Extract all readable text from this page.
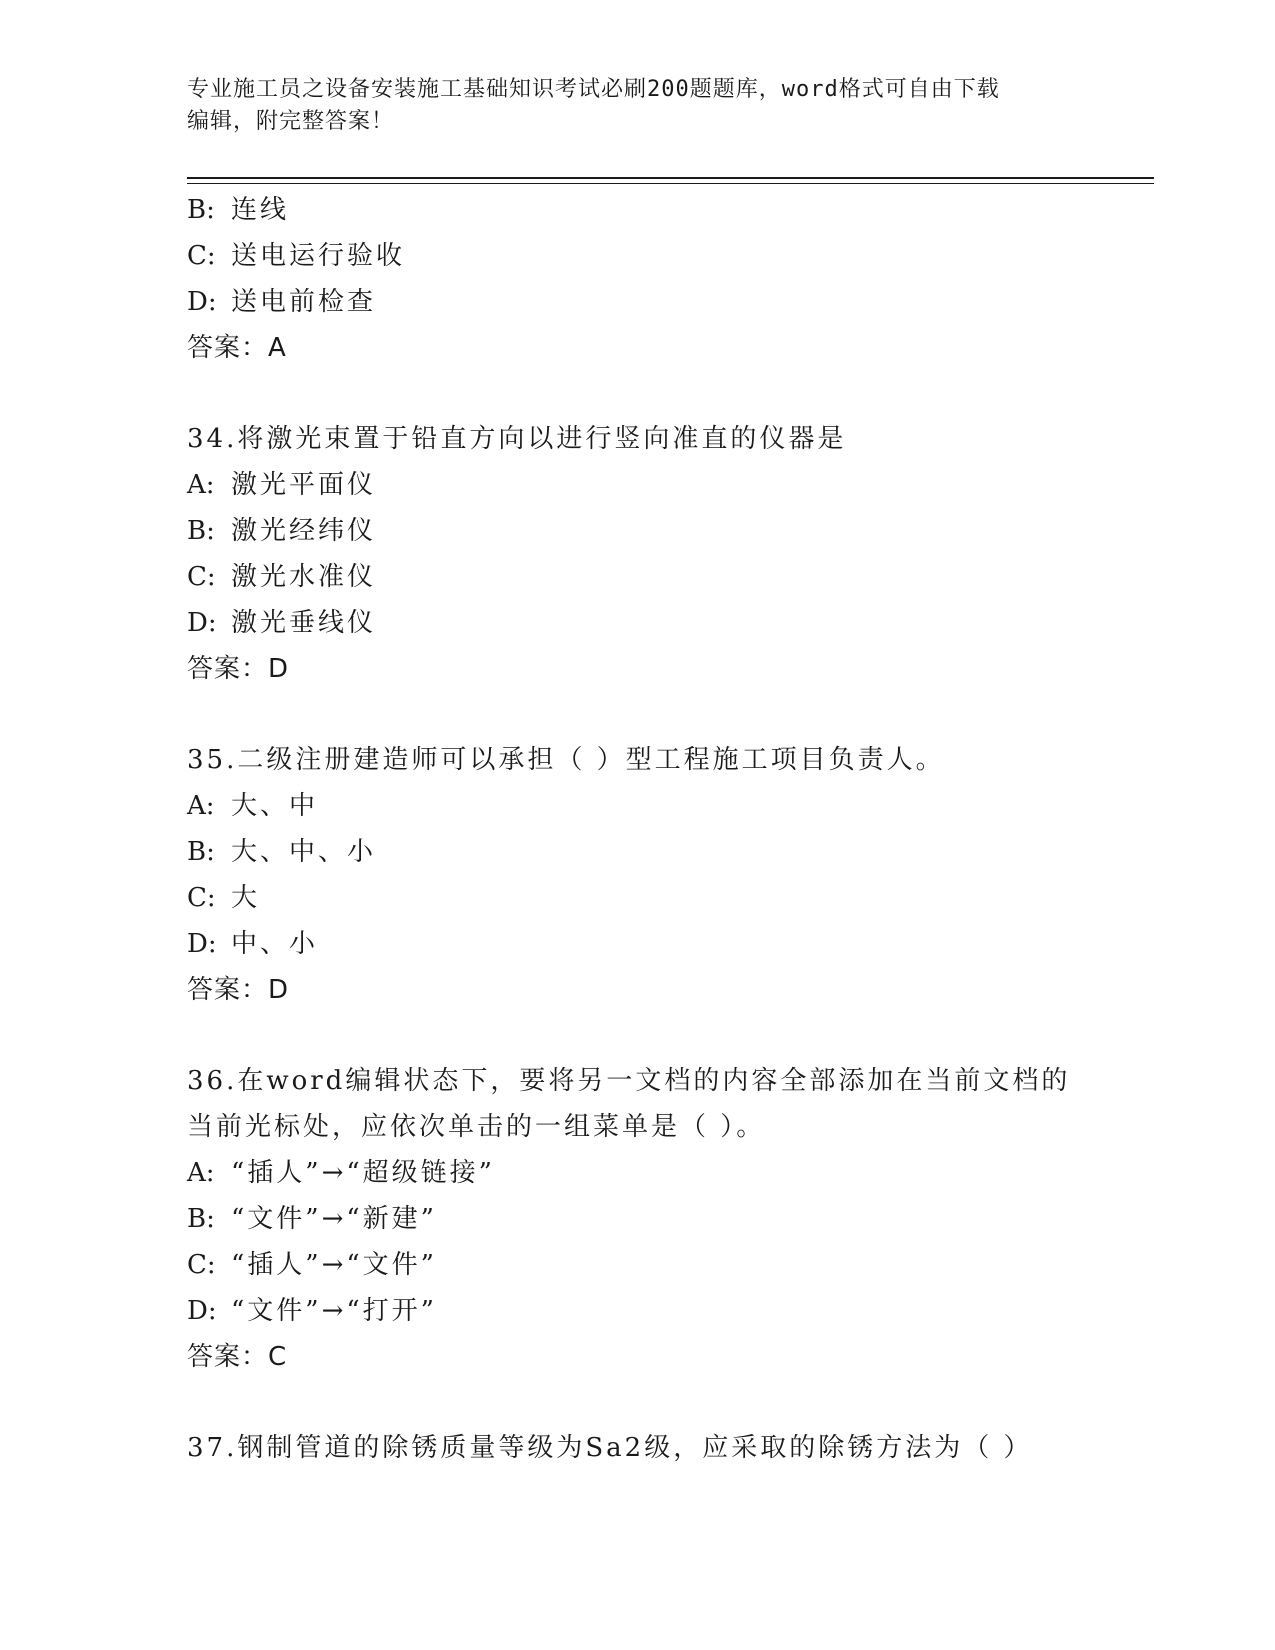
专业施工员之设备安装施工基础知识考试必刷200题题库，word格式可自由下载
编辑，附完整答案！
B: 连线
C: 送电运行验收
D: 送电前检查
答案：A
34.将激光束置于铅直方向以进行竖向准直的仪器是
A: 激光平面仪
B: 激光经纬仪
C: 激光水准仪
D: 激光垂线仪
答案：D
35.二级注册建造师可以承担（ ）型工程施工项目负责人。
A: 大、中
B: 大、中、小
C: 大
D: 中、小
答案：D
36.在word编辑状态下，要将另一文档的内容全部添加在当前文档的
当前光标处，应依次单击的一组菜单是（ ）。
A: “插人”→“超级链接”
B: “文件”→“新建”
C: “插人”→“文件”
D: “文件”→“打开”
答案：C
37.钢制管道的除锈质量等级为Sa2级，应采取的除锈方法为（ ）
